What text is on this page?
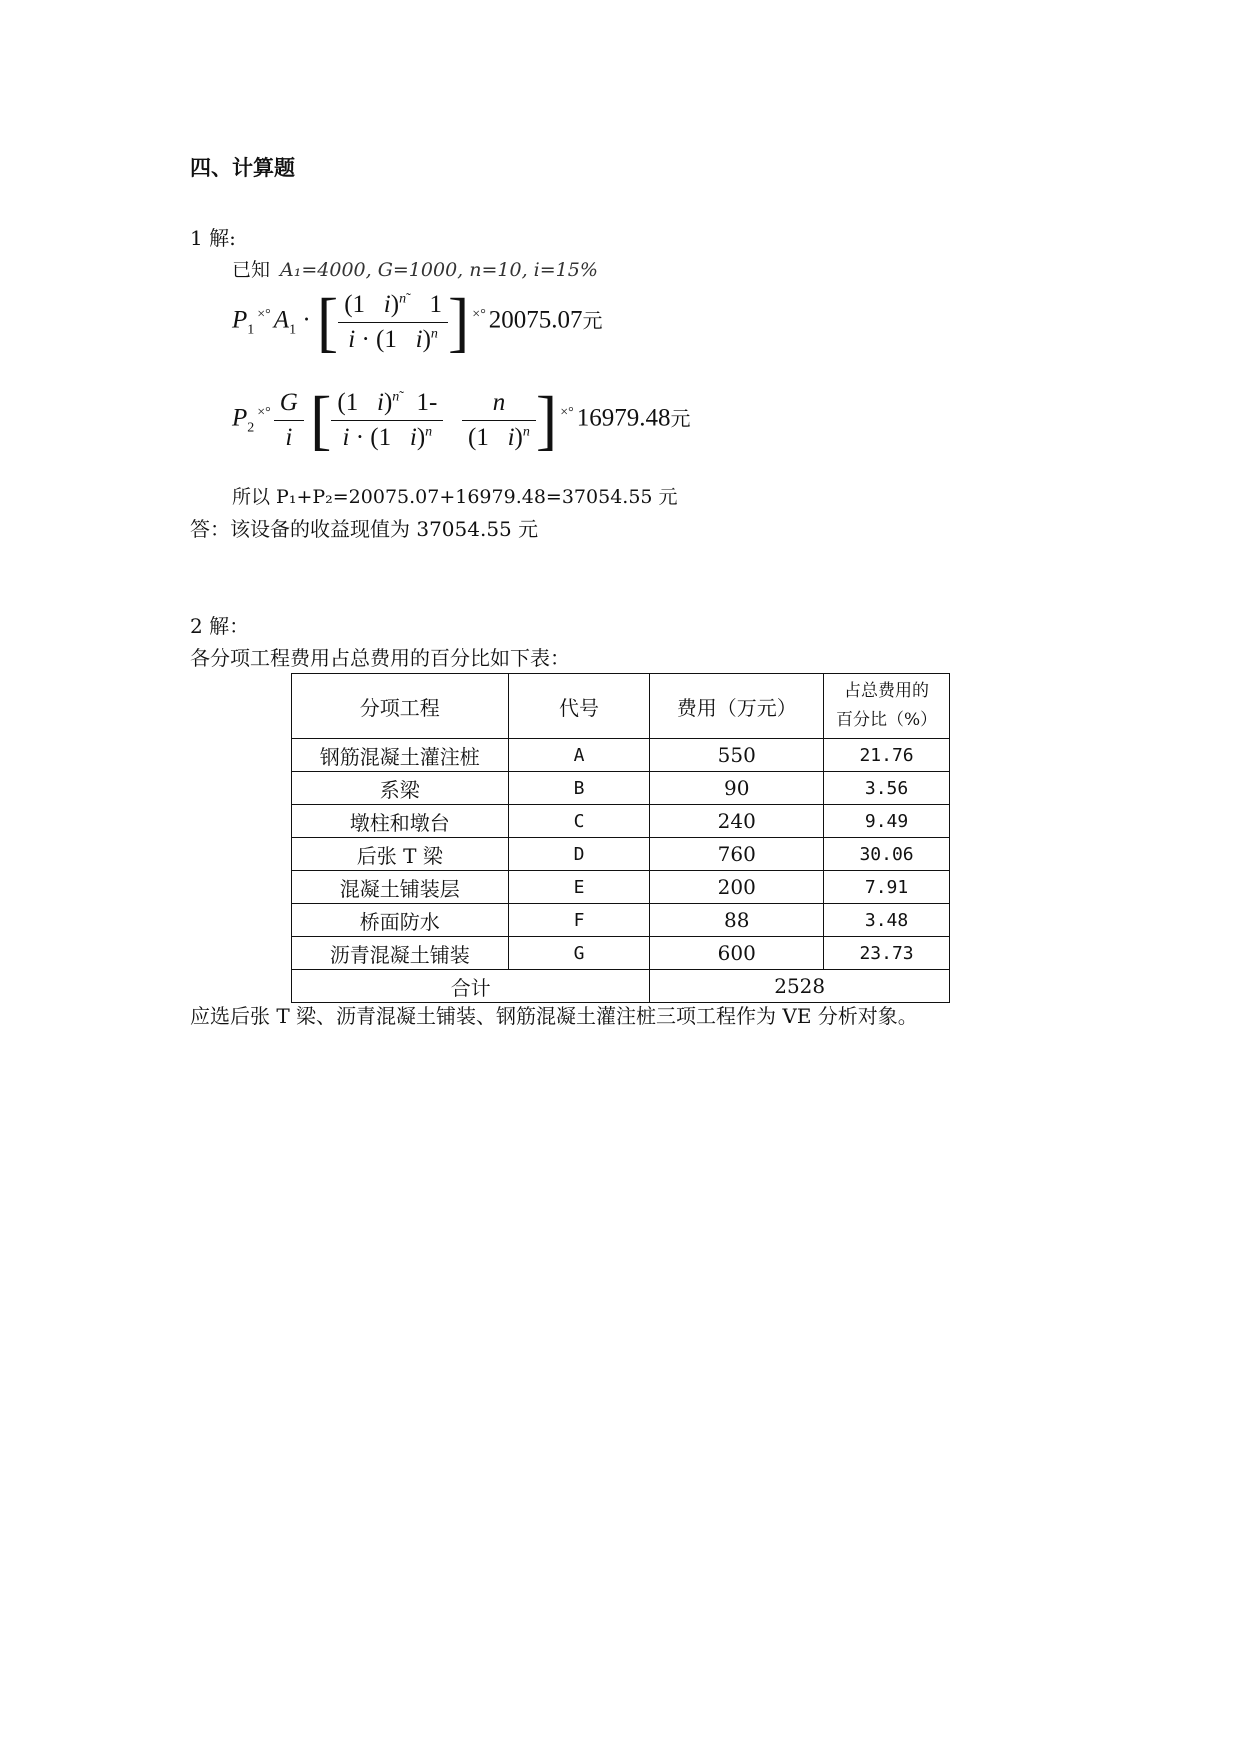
四、计算题
1 解:
已知 A₁=4000, G=1000, n=10, i=15%
$P_1^{\times^\circ}$ $A_1$ · [ $\frac{(1 i)^{n˜} 1}{i \cdot (1 i)^n}$ ] ×° 20075.07元
$P_2^{\times^\circ} \frac{G}{i}$ [ $\frac{(1 i)^{n˜} 1-}{i \cdot (1 i)^n}$
$\frac{n}{(1 i)^n}$ ] ×° 16979.48元
所以 P₁+P₂=20075.07+16979.48=37054.55 元
答：该设备的收益现值为 37054.55 元
2 解：
各分项工程费用占总费用的百分比如下表：
分项工程	代号	费用（万元）	占总费用的
百分比（%）

钢筋混凝土灌注桩	A	550	21.76
系梁	B	90	3.56
墩柱和墩台	C	240	9.49
后张 T 梁	D	760	30.06
混凝土铺装层	E	200	7.91
桥面防水	F	88	3.48
沥青混凝土铺装	G	600	23.73
合计		2528	
应选后张 T 梁、沥青混凝土铺装、钢筋混凝土灌注桩三项工程作为 VE 分析对象。
